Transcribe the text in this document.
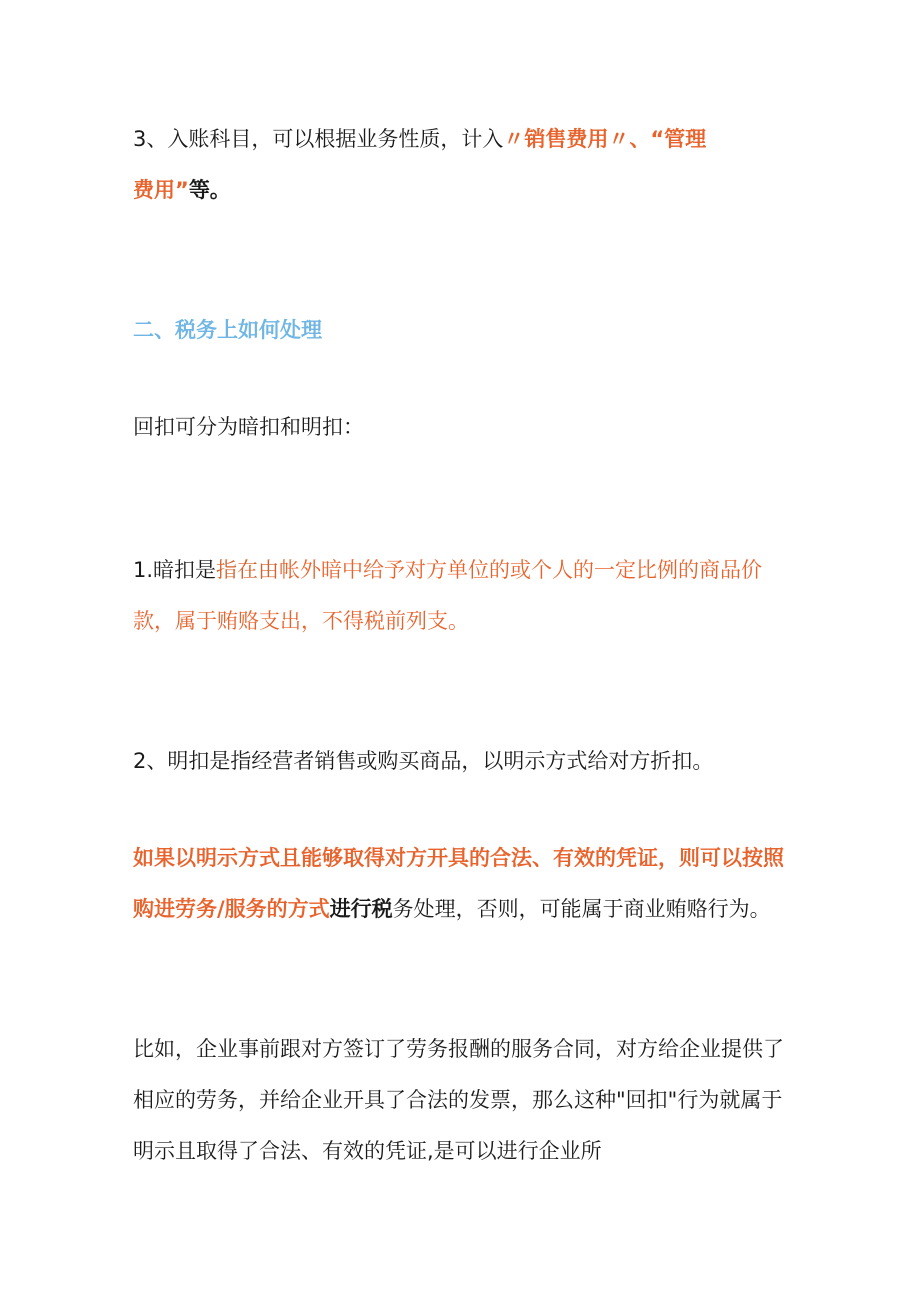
3、入账科目，可以根据业务性质，计入〃销售费用〃、“管理
费用”等。

二、税务上如何处理

回扣可分为暗扣和明扣：

1.暗扣是指在由帐外暗中给予对方单位的或个人的一定比例的商品价款，属于贿赂支出，不得税前列支。

2、明扣是指经营者销售或购买商品，以明示方式给对方折扣。

如果以明示方式且能够取得对方开具的合法、有效的凭证，则可以按照购进劳务/服务的方式进行税务处理，否则，可能属于商业贿赂行为。

比如，企业事前跟对方签订了劳务报酬的服务合同，对方给企业提供了相应的劳务，并给企业开具了合法的发票，那么这种"回扣"行为就属于明示且取得了合法、有效的凭证,是可以进行企业所
